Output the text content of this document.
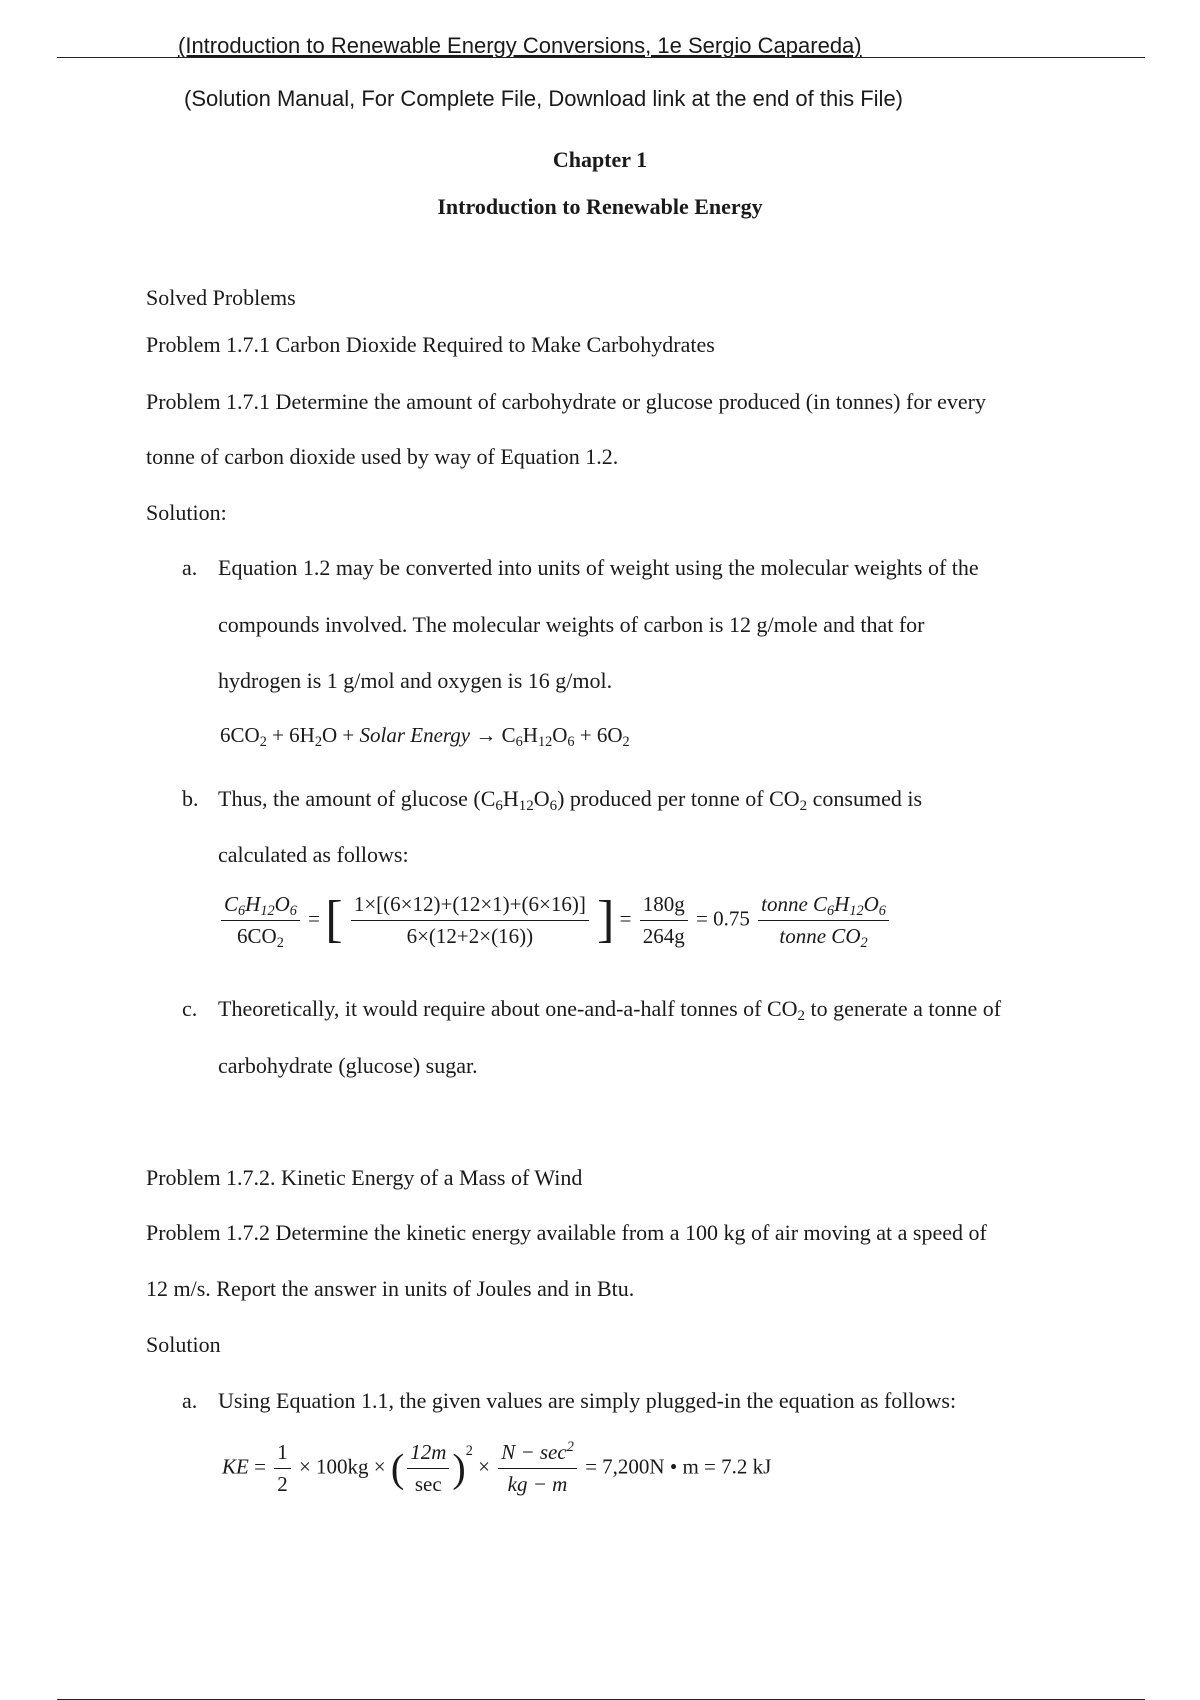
(Introduction to Renewable Energy Conversions, 1e Sergio Capareda)
(Solution Manual, For Complete File, Download link at the end of this File)
Chapter 1
Introduction to Renewable Energy
Solved Problems
Problem 1.7.1 Carbon Dioxide Required to Make Carbohydrates
Problem 1.7.1 Determine the amount of carbohydrate or glucose produced (in tonnes) for every
tonne of carbon dioxide used by way of Equation 1.2.
Solution:
a. Equation 1.2 may be converted into units of weight using the molecular weights of the
compounds involved. The molecular weights of carbon is 12 g/mole and that for
hydrogen is 1 g/mol and oxygen is 16 g/mol.
$6CO_2 + 6H_2O$ + Solar Energy → $C_6H_{12}O_6 + 6O_2$
b. Thus, the amount of glucose $(C_6H_{12}O_6)$ produced per tonne of $CO_2$ consumed is
calculated as follows:
$\frac{C_6H_{12}O_6}{6CO_2}$ = [ $\frac{1\times[(6\times 12)+(12\times 1)+(6\times 16)]}{6\times(12+2\times(16))}$ ] = $\frac{180g}{264g} = 0.75 \frac{tonne C_6H_{12}O_6}{tonne CO_2}$
c. Theoretically, it would require about one-and-a-half tonnes of $CO_2$ to generate a tonne of
carbohydrate (glucose) sugar.
Problem 1.7.2. Kinetic Energy of a Mass of Wind
Problem 1.7.2 Determine the kinetic energy available from a 100 kg of air moving at a speed of
12 m/s. Report the answer in units of Joules and in Btu.
Solution
a. Using Equation 1.1, the given values are simply plugged-in the equation as follows:
KE = $\frac{1}{2} \times 100kg$ × ( $\frac{12m}{\sec} )^2 \times \frac{N - \sec^2}{kg - m} = 7,200N$ • m = 7.2 kJ
